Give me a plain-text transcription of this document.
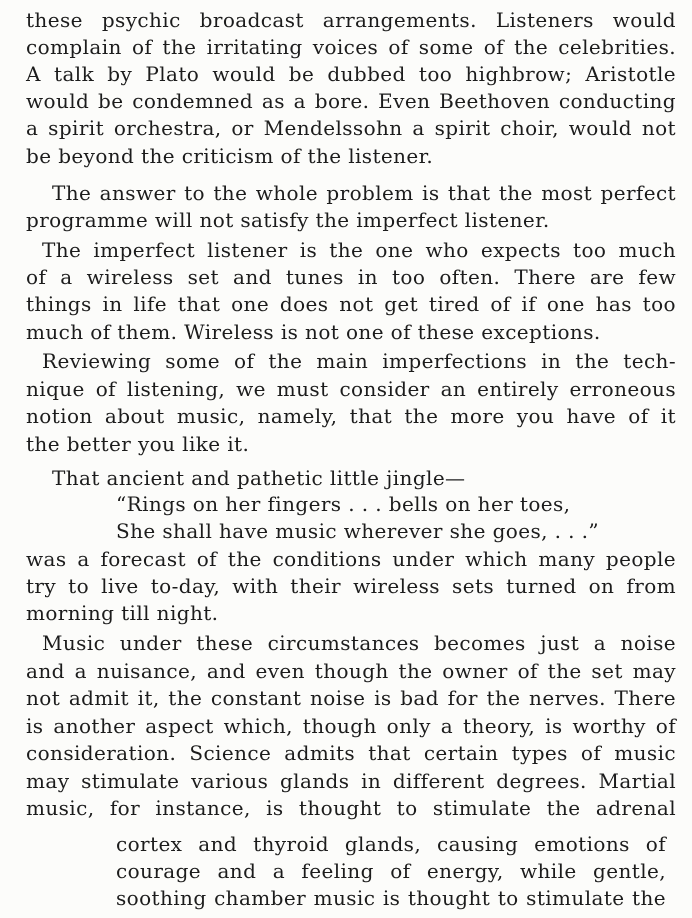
these psychic broadcast arrangements. Listeners would
complain of the irritating voices of some of the celebrities.
A talk by Plato would be dubbed too highbrow; Aristotle
would be condemned as a bore. Even Beethoven conducting
a spirit orchestra, or Mendelssohn a spirit choir, would not
be beyond the criticism of the listener.
The answer to the whole problem is that the most perfect
programme will not satisfy the imperfect listener.
The imperfect listener is the one who expects too much
of a wireless set and tunes in too often. There are few
things in life that one does not get tired of if one has too
much of them. Wireless is not one of these exceptions.
Reviewing some of the main imperfections in the tech-
nique of listening, we must consider an entirely erroneous
notion about music, namely, that the more you have of it
the better you like it.
That ancient and pathetic little jingle—
“Rings on her fingers . . . bells on her toes,
She shall have music wherever she goes, . . .”
was a forecast of the conditions under which many people
try to live to-day, with their wireless sets turned on from
morning till night.
Music under these circumstances becomes just a noise
and a nuisance, and even though the owner of the set may
not admit it, the constant noise is bad for the nerves. There
is another aspect which, though only a theory, is worthy of
consideration. Science admits that certain types of music
may stimulate various glands in different degrees. Martial
music, for instance, is thought to stimulate the adrenal
cortex and thyroid glands, causing emotions of
courage and a feeling of energy, while gentle,
soothing chamber music is thought to stimulate the
